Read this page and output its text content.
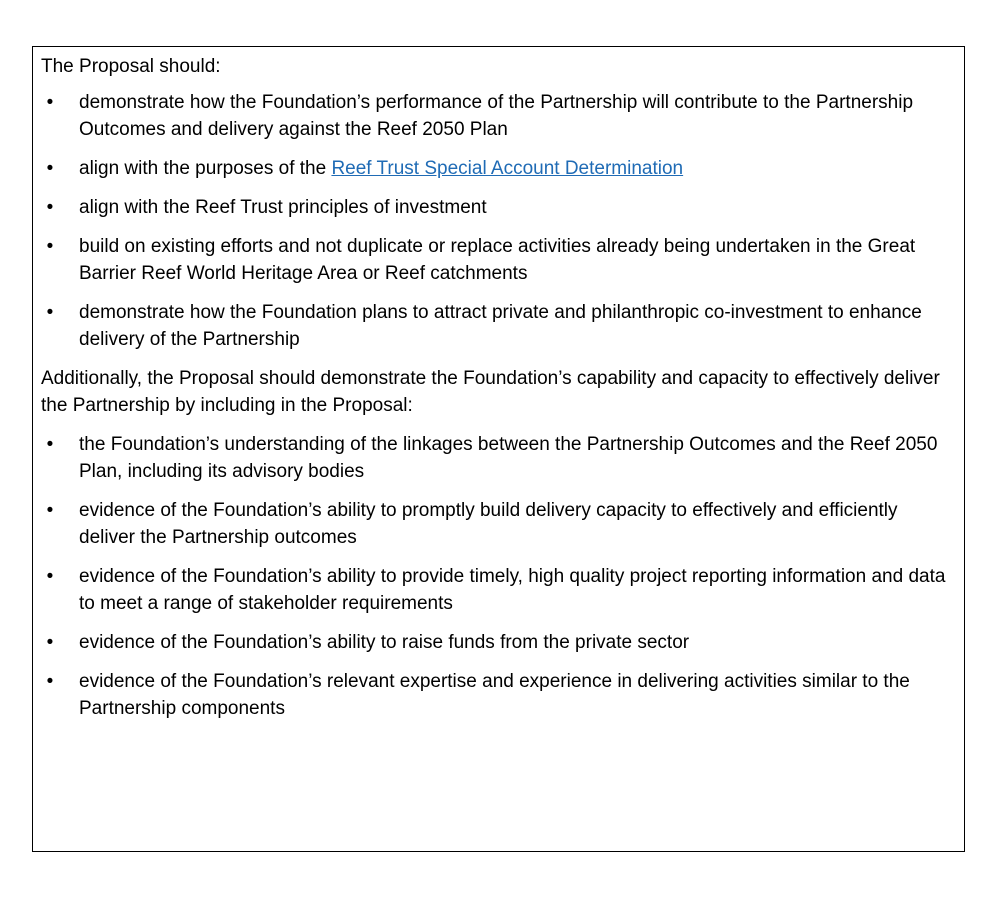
The Proposal should:

• demonstrate how the Foundation’s performance of the Partnership will contribute to the Partnership Outcomes and delivery against the Reef 2050 Plan
• align with the purposes of the Reef Trust Special Account Determination
• align with the Reef Trust principles of investment
• build on existing efforts and not duplicate or replace activities already being undertaken in the Great Barrier Reef World Heritage Area or Reef catchments
• demonstrate how the Foundation plans to attract private and philanthropic co-investment to enhance delivery of the Partnership

Additionally, the Proposal should demonstrate the Foundation’s capability and capacity to effectively deliver the Partnership by including in the Proposal:

• the Foundation’s understanding of the linkages between the Partnership Outcomes and the Reef 2050 Plan, including its advisory bodies
• evidence of the Foundation’s ability to promptly build delivery capacity to effectively and efficiently deliver the Partnership outcomes
• evidence of the Foundation’s ability to provide timely, high quality project reporting information and data to meet a range of stakeholder requirements
• evidence of the Foundation’s ability to raise funds from the private sector
• evidence of the Foundation’s relevant expertise and experience in delivering activities similar to the Partnership components
